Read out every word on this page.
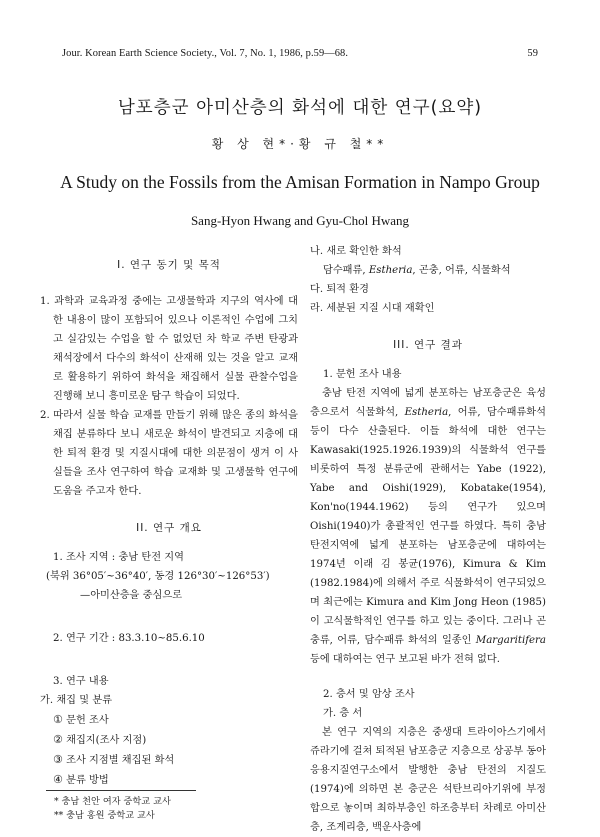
Jour. Korean Earth Science Society., Vol. 7, No. 1, 1986, p.59—68.	59
남포층군 아미산층의 화석에 대한 연구(요약)
황 상 현*·황 규 철**
A Study on the Fossils from the Amisan Formation in Nampo Group
Sang-Hyon Hwang and Gyu-Chol Hwang

I. 연구 동기 및 목적

1. 과학과 교육과정 중에는 고생물학과 지구의 역사에 대한 내용이 많이 포함되어 있으나 이론적인 수업에 그치고 실감있는 수업을 할 수 없었던 차 학교 주변 탄광과 채석장에서 다수의 화석이 산재해 있는 것을 알고 교재로 활용하기 위하여 화석을 채집해서 실물 관찰수업을 진행해 보니 흥미로운 탐구 학습이 되었다.

2. 따라서 실물 학습 교재를 만들기 위해 많은 종의 화석을 채집 분류하다 보니 새로운 화석이 발견되고 지층에 대한 퇴적 환경 및 지질시대에 대한 의문점이 생겨 이 사실들을 조사 연구하여 학습 교재화 및 고생물학 연구에 도움을 주고자 한다.

II. 연구 개요

1. 조사 지역 : 충남 탄전 지역

(북위 36°05′~36°40′, 동경 126°30′~126°53′)

—아미산층을 중심으로

2. 연구 기간 : 83.3.10~85.6.10

3. 연구 내용

가. 채집 및 분류

① 문헌 조사

② 채집지(조사 지점)

③ 조사 지점별 채집된 화석

④ 분류 방법

* 충남 천안 여자 중학교 교사

** 충남 홍원 중학교 교사

나. 새로 확인한 화석

담수패류, Estheria, 곤충, 어류, 식물화석

다. 퇴적 환경

라. 세분된 지질 시대 재확인

III. 연구 결과

1. 문헌 조사 내용

충남 탄전 지역에 넓게 분포하는 남포층군은 육성층으로서 식물화석, Estheria, 어류, 담수패류화석 등이 다수 산출된다. 이들 화석에 대한 연구는 Kawasaki(1925.1926.1939)의 식물화석 연구를 비롯하여 특정 분류군에 관해서는 Yabe (1922), Yabe and Oishi(1929), Kobatake(1954), Kon'no(1944.1962) 등의 연구가 있으며 Oishi(1940)가 총괄적인 연구를 하였다. 특히 충남 탄전지역에 넓게 분포하는 남포층군에 대하여는 1974년 이래 김 봉균(1976), Kimura & Kim (1982.1984)에 의해서 주로 식물화석이 연구되었으며 최근에는 Kimura and Kim Jong Heon (1985)이 고식물학적인 연구를 하고 있는 중이다. 그러나 곤충류, 어류, 담수패류 화석의 일종인 Margaritifera 등에 대하여는 연구 보고된 바가 전혀 없다.

2. 층서 및 암상 조사

가. 층 서

본 연구 지역의 지층은 중생대 트라이아스기에서 쥬라기에 걸쳐 퇴적된 남포층군 지층으로 상공부 동아응용지질연구소에서 발행한 충남 탄전의 지질도(1974)에 의하면 본 층군은 석탄브리아기위에 부정합으로 놓이며 최하부층인 하조층부터 차례로 아미산층, 조계리층, 백운사층에
